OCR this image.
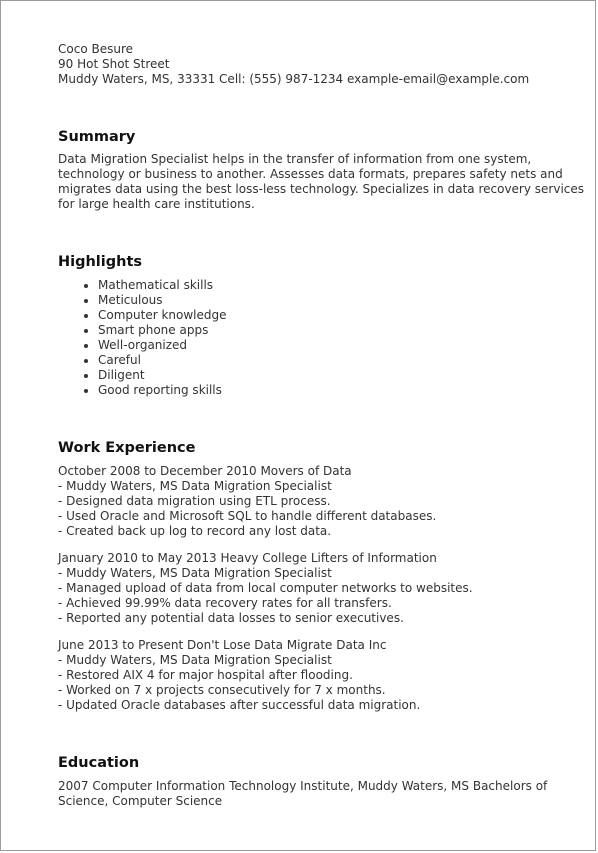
Coco Besure
90 Hot Shot Street
Muddy Waters, MS, 33331 Cell: (555) 987-1234 example-email@example.com
Summary
Data Migration Specialist helps in the transfer of information from one system, technology or business to another. Assesses data formats, prepares safety nets and migrates data using the best loss-less technology. Specializes in data recovery services for large health care institutions.
Highlights
• Mathematical skills
• Meticulous
• Computer knowledge
• Smart phone apps
• Well-organized
• Careful
• Diligent
• Good reporting skills
Work Experience
October 2008 to December 2010 Movers of Data
- Muddy Waters, MS Data Migration Specialist
- Designed data migration using ETL process.
- Used Oracle and Microsoft SQL to handle different databases.
- Created back up log to record any lost data.
January 2010 to May 2013 Heavy College Lifters of Information
- Muddy Waters, MS Data Migration Specialist
- Managed upload of data from local computer networks to websites.
- Achieved 99.99% data recovery rates for all transfers.
- Reported any potential data losses to senior executives.
June 2013 to Present Don't Lose Data Migrate Data Inc
- Muddy Waters, MS Data Migration Specialist
- Restored AIX 4 for major hospital after flooding.
- Worked on 7 x projects consecutively for 7 x months.
- Updated Oracle databases after successful data migration.
Education
2007 Computer Information Technology Institute, Muddy Waters, MS Bachelors of Science, Computer Science
